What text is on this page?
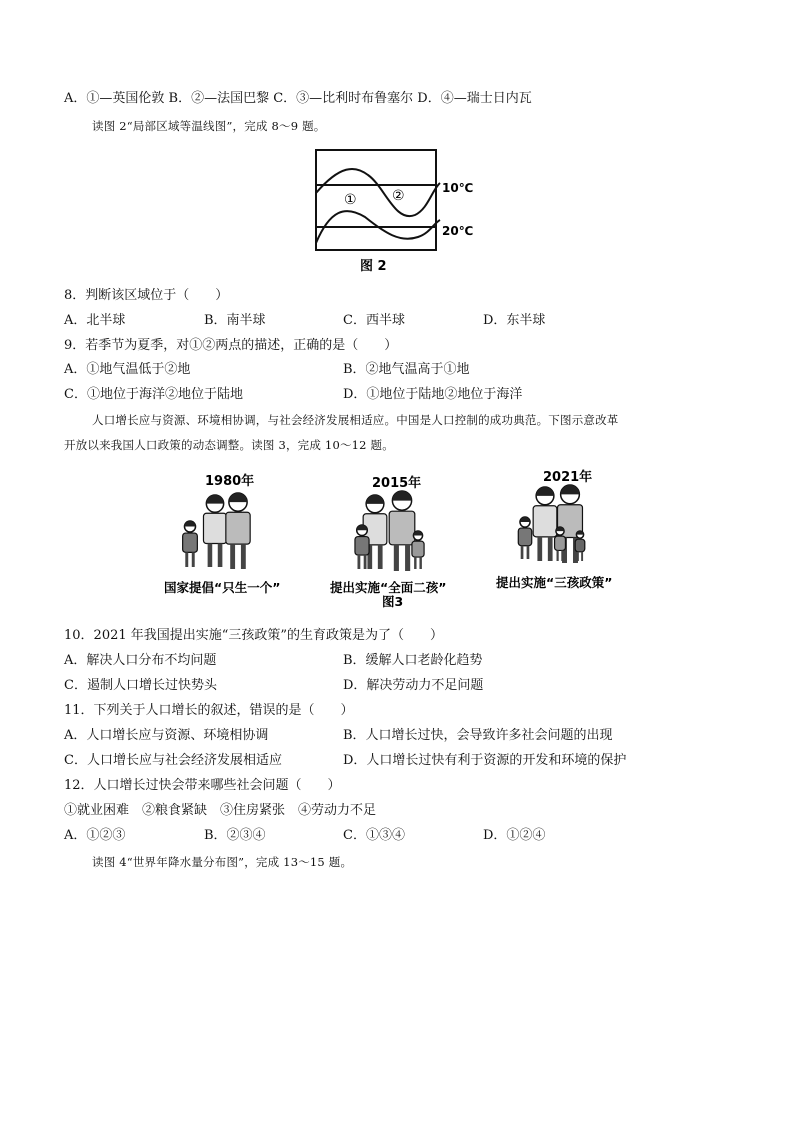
A．①—英国伦敦 B．②—法国巴黎 C．③—比利时布鲁塞尔 D．④—瑞士日内瓦
读图 2“局部区域等温线图”，完成 8～9 题。
①	②	10℃
20℃
图 2
8．判断该区域位于（　　）
A．北半球	B．南半球	C．西半球	D．东半球
9．若季节为夏季，对①②两点的描述，正确的是（　　）
A．①地气温低于②地	B．②地气温高于①地
C．①地位于海洋②地位于陆地	D．①地位于陆地②地位于海洋
人口增长应与资源、环境相协调，与社会经济发展相适应。中国是人口控制的成功典范。下图示意改革
开放以来我国人口政策的动态调整。读图 3，完成 10～12 题。
1980年	2015年	2021年
国家提倡“只生一个”	提出实施“全面二孩”	提出实施“三孩政策”
图3
10．2021 年我国提出实施“三孩政策”的生育政策是为了（　　）
A．解决人口分布不均问题	B．缓解人口老龄化趋势
C．遏制人口增长过快势头	D．解决劳动力不足问题
11．下列关于人口增长的叙述，错误的是（　　）
A．人口增长应与资源、环境相协调	B．人口增长过快，会导致许多社会问题的出现
C．人口增长应与社会经济发展相适应	D．人口增长过快有利于资源的开发和环境的保护
12．人口增长过快会带来哪些社会问题（　　）
①就业困难　②粮食紧缺　③住房紧张　④劳动力不足
A．①②③	B．②③④	C．①③④	D．①②④
读图 4“世界年降水量分布图”，完成 13～15 题。
